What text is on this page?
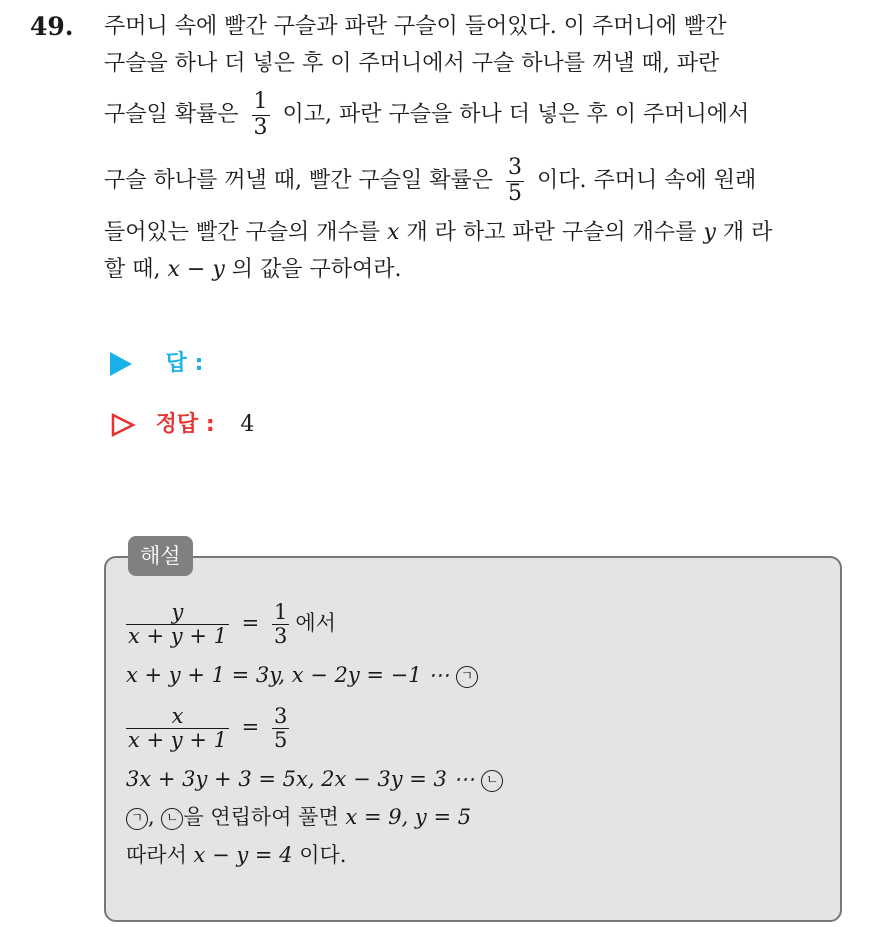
49. 주머니 속에 빨간 구슬과 파란 구슬이 들어있다. 이 주머니에 빨간
구슬을 하나 더 넣은 후 이 주머니에서 구슬 하나를 꺼낼 때, 파란
구슬일 확률은 $\frac{1}{3}$ 이고, 파란 구슬을 하나 더 넣은 후 이 주머니에서
구슬 하나를 꺼낼 때, 빨간 구슬일 확률은 $\frac{3}{5}$ 이다. 주머니 속에 원래
들어있는 빨간 구슬의 개수를 x 개 라 하고 파란 구슬의 개수를 y 개 라
할 때, x − y 의 값을 구하여라.
답 :
정답 : 4
해설
$\frac{y}{x + y + 1} = \frac{1}{3}$ 에서
x + y + 1 = 3y, x − 2y = −1 ⋯ ㄱ
$\frac{x}{x + y + 1} = \frac{3}{5}$
3x + 3y + 3 = 5x, 2x − 3y = 3 ⋯ ㄴ
ㄱ , ㄴ 을 연립하여 풀면 x = 9, y = 5
따라서 x − y = 4 이다.
